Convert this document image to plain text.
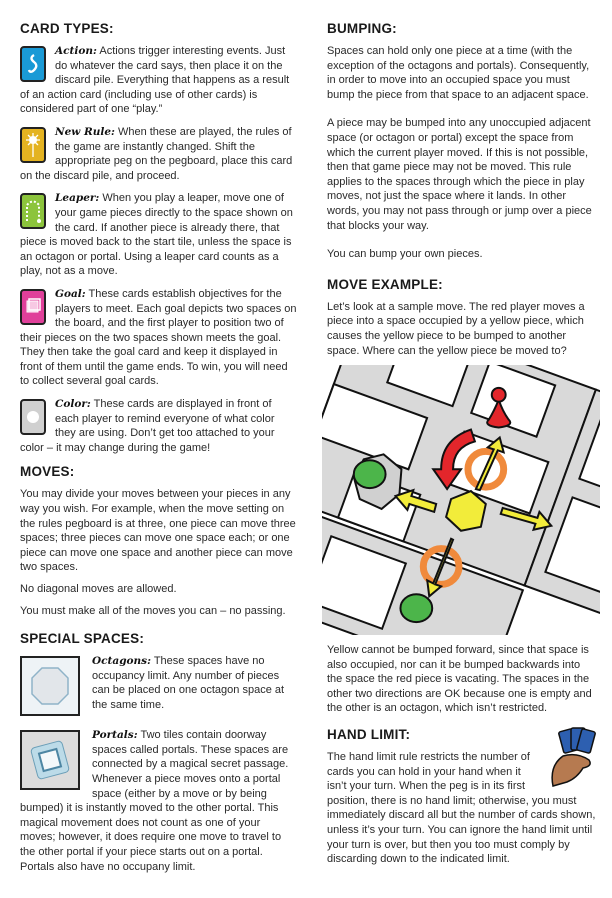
CARD TYPES:
Action: Actions trigger interesting events. Just do whatever the card says, then place it on the discard pile. Everything that happens as a result of an action card (including use of other cards) is considered part of one “play.”
New Rule: When these are played, the rules of the game are instantly changed. Shift the appropriate peg on the pegboard, place this card on the discard pile, and proceed.
Leaper: When you play a leaper, move one of your game pieces directly to the space shown on the card. If another piece is already there, that piece is moved back to the start tile, unless the space is an octagon or portal. Using a leaper card counts as a play, not as a move.
Goal: These cards establish objectives for the players to meet. Each goal depicts two spaces on the board, and the first player to position two of their pieces on the two spaces shown meets the goal. They then take the goal card and keep it displayed in front of them until the game ends. To win, you will need to collect several goal cards.
Color: These cards are displayed in front of each player to remind everyone of what color they are using. Don’t get too attached to your color – it may change during the game!
MOVES:

You may divide your moves between your pieces in any way you wish. For example, when the move setting on the rules pegboard is at three, one piece can move three spaces; three pieces can move one space each; or one piece can move one space and another piece can move two spaces.

No diagonal moves are allowed.

You must make all of the moves you can – no passing.

SPECIAL SPACES:
Octagons: These spaces have no occupancy limit. Any number of pieces can be placed on one octagon space at the same time.
Portals: Two tiles contain doorway spaces called portals. These spaces are connected by a magical secret passage. Whenever a piece moves onto a portal space (either by a move or by being bumped) it is instantly moved to the other portal. This magical movement does not count as one of your moves; however, it does require one move to travel to the other portal if your piece starts out on a portal. Portals also have no occupany limit.
BUMPING:

Spaces can hold only one piece at a time (with the exception of the octagons and portals). Consequently, in order to move into an occupied space you must bump the piece from that space to an adjacent space.

A piece may be bumped into any unoccupied adjacent space (or octagon or portal) except the space from which the current player moved. If this is not possible, then that game piece may not be moved. This rule applies to the spaces through which the piece in play moves, not just the space where it lands. In other words, you may not pass through or jump over a piece that blocks your way.

You can bump your own pieces.

MOVE EXAMPLE:

Let’s look at a sample move. The red player moves a piece into a space occupied by a yellow piece, which causes the yellow piece to be bumped to another space. Where can the yellow piece be moved to?

Yellow cannot be bumped forward, since that space is also occupied, nor can it be bumped backwards into the space the red piece is vacating. The spaces in the other two directions are OK because one is empty and the other is an octagon, which isn’t restricted.

HAND LIMIT:

The hand limit rule restricts the number of cards you can hold in your hand when it isn’t your turn. When the peg is in its first position, there is no hand limit; otherwise, you must immediately discard all but the number of cards shown, unless it’s your turn. You can ignore the hand limit until your turn is over, but then you too must comply by discarding down to the indicated limit.
